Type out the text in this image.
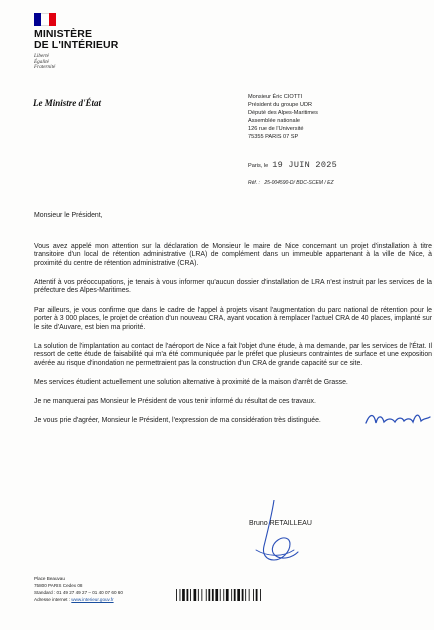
MINISTÈRE
DE L'INTÉRIEUR
Liberté
Égalité
Fraternité
Le Ministre d'État
Monsieur Éric CIOTTI
Président du groupe UDR
Député des Alpes-Maritimes
Assemblée nationale
126 rue de l'Université
75355 PARIS 07 SP
Paris, le 19 JUIN 2025
Réf. : 25-004590-D/ BDC-SCEM / EZ
Monsieur le Président,
Vous avez appelé mon attention sur la déclaration de Monsieur le maire de Nice concernant un projet d'installation à titre transitoire d'un local de rétention administrative (LRA) de complément dans un immeuble appartenant à la ville de Nice, à proximité du centre de rétention administrative (CRA).
Attentif à vos préoccupations, je tenais à vous informer qu'aucun dossier d'installation de LRA n'est instruit par les services de la préfecture des Alpes-Maritimes.
Par ailleurs, je vous confirme que dans le cadre de l'appel à projets visant l'augmentation du parc national de rétention pour le porter à 3 000 places, le projet de création d'un nouveau CRA, ayant vocation à remplacer l'actuel CRA de 40 places, implanté sur le site d'Auvare, est bien ma priorité.
La solution de l'implantation au contact de l'aéroport de Nice a fait l'objet d'une étude, à ma demande, par les services de l'État. Il ressort de cette étude de faisabilité qui m'a été communiquée par le préfet que plusieurs contraintes de surface et une exposition avérée au risque d'inondation ne permettraient pas la construction d'un CRA de grande capacité sur ce site.
Mes services étudient actuellement une solution alternative à proximité de la maison d'arrêt de Grasse.
Je ne manquerai pas Monsieur le Président de vous tenir informé du résultat de ces travaux.
Je vous prie d'agréer, Monsieur le Président, l'expression de ma considération très distinguée.
Bruno RETAILLEAU
Place Beauvau
75800 PARIS Cedex 08
Standard : 01 49 27 49 27 – 01 40 07 60 60
Adresse internet : www.interieur.gouv.fr
